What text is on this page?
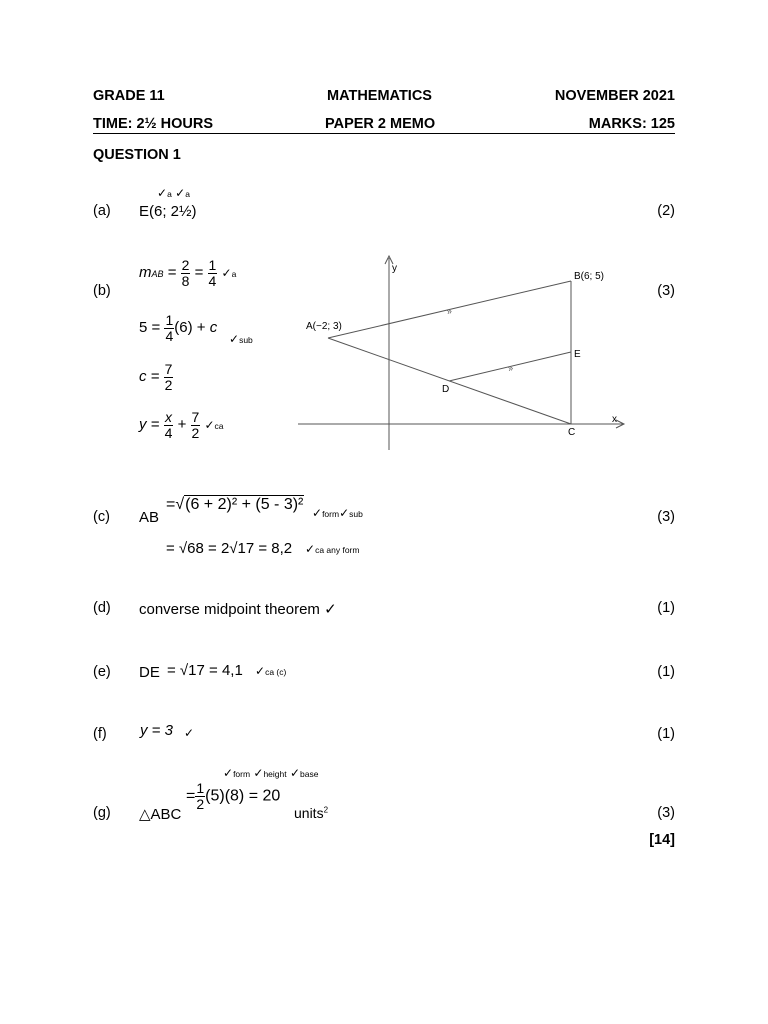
GRADE 11	MATHEMATICS	NOVEMBER 2021
TIME: 2½ HOURS	PAPER 2 MEMO	MARKS: 125
QUESTION 1
✓a ✓a
(a) E(6; 2½)	(2)
(b)	(3)
mAB = $\frac{2}{8} = \frac{1}{4}$ ✓a
$5 = \frac{1}{4} (6) + c$
✓sub
$c = \frac{7}{2}$
$y = \frac{x}{4} + \frac{7}{2}$ ✓ca
y
x
A(−2; 3)
B(6; 5)
C
D
E
»
»
(c) AB
=√(6 + 2)² + (5 - 3)² ✓form✓sub	(3)
= √68 = 2√17 = 8,2 ✓ca any form
(d) converse midpoint theorem ✓	(1)
(e) DE = √17 = 4,1 ✓ca (c)	(1)
(f) y = 3 ✓	(1)
✓form ✓height ✓base
(g) △ABC
= $\frac{1}{2} (5)(8) = 20$
units$^2$	(3)
[14]
